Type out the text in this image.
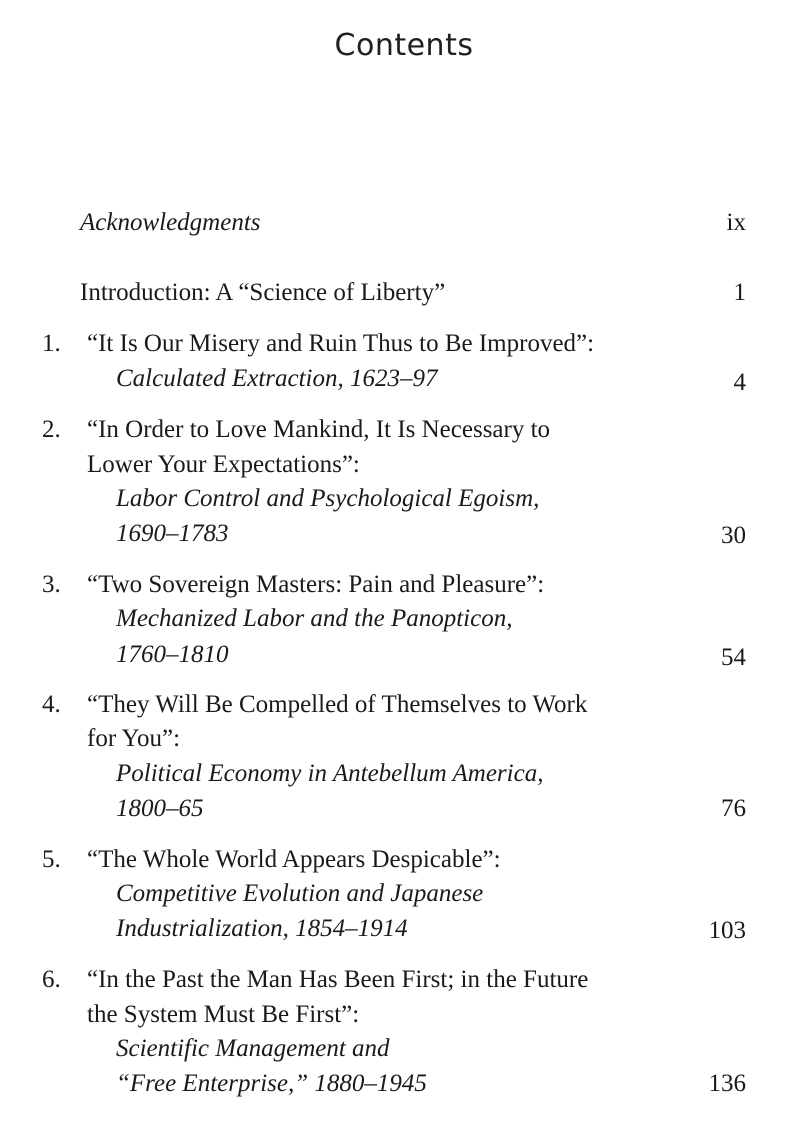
Contents
Acknowledgments	ix
Introduction: A “Science of Liberty”	1
1. “It Is Our Misery and Ruin Thus to Be Improved”:
Calculated Extraction, 1623–97	4
2. “In Order to Love Mankind, It Is Necessary to
Lower Your Expectations”:
Labor Control and Psychological Egoism,
1690–1783	30
3. “Two Sovereign Masters: Pain and Pleasure”:
Mechanized Labor and the Panopticon,
1760–1810	54
4. “They Will Be Compelled of Themselves to Work
for You”:
Political Economy in Antebellum America,
1800–65	76
5. “The Whole World Appears Despicable”:
Competitive Evolution and Japanese
Industrialization, 1854–1914	103
6. “In the Past the Man Has Been First; in the Future
the System Must Be First”:
Scientific Management and
“Free Enterprise,” 1880–1945	136
